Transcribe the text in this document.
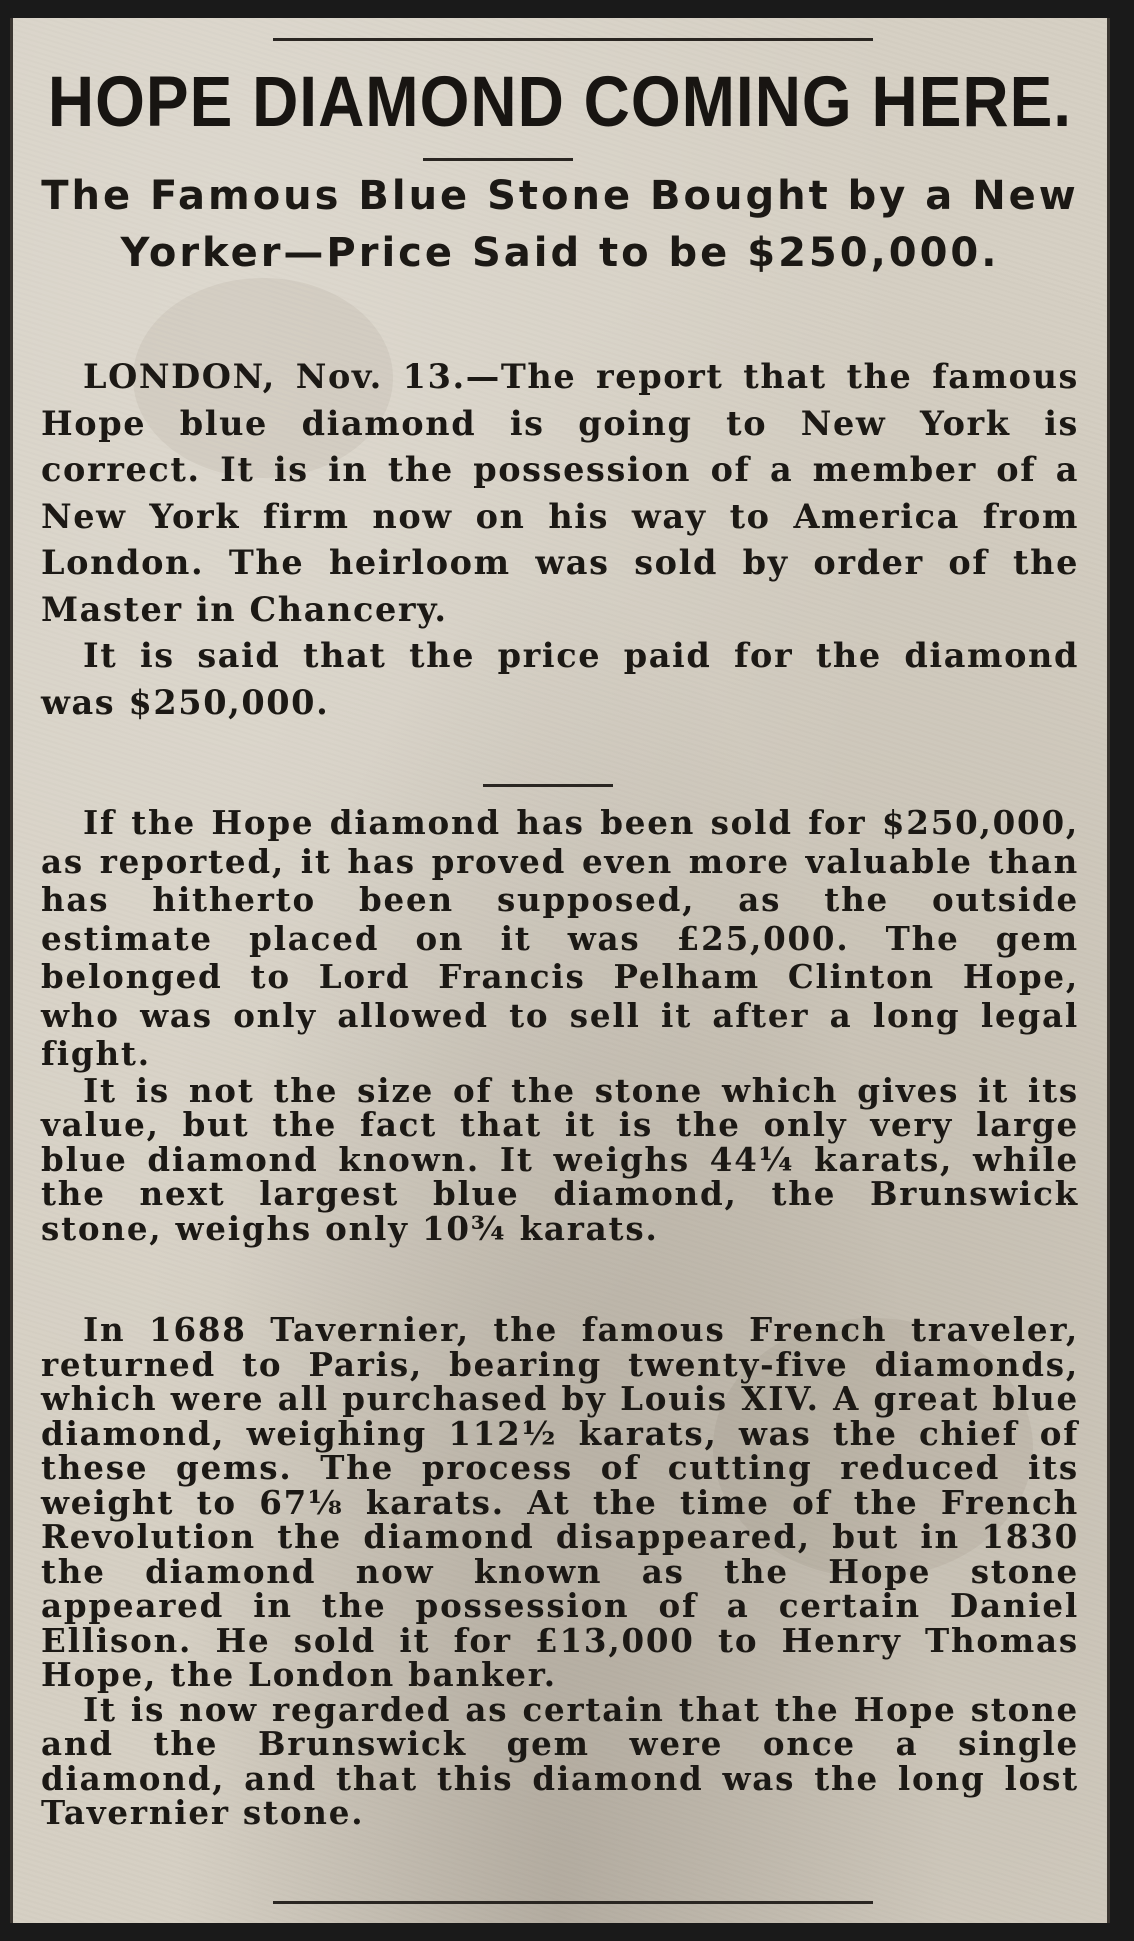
HOPE DIAMOND COMING HERE.
The Famous Blue Stone Bought by a New Yorker—Price Said to be $250,000.

LONDON, Nov. 13.—The report that the famous Hope blue diamond is going to New York is correct. It is in the possession of a member of a New York firm now on his way to America from London. The heirloom was sold by order of the Master in Chancery.

It is said that the price paid for the diamond was $250,000.

If the Hope diamond has been sold for $250,000, as reported, it has proved even more valuable than has hitherto been supposed, as the outside estimate placed on it was £25,000. The gem belonged to Lord Francis Pelham Clinton Hope, who was only allowed to sell it after a long legal fight.

It is not the size of the stone which gives it its value, but the fact that it is the only very large blue diamond known. It weighs 44¼ karats, while the next largest blue diamond, the Brunswick stone, weighs only 10¾ karats.

In 1688 Tavernier, the famous French traveler, returned to Paris, bearing twenty-five diamonds, which were all purchased by Louis XIV. A great blue diamond, weighing 112½ karats, was the chief of these gems. The process of cutting reduced its weight to 67⅛ karats. At the time of the French Revolution the diamond disappeared, but in 1830 the diamond now known as the Hope stone appeared in the possession of a certain Daniel Ellison. He sold it for £13,000 to Henry Thomas Hope, the London banker.

It is now regarded as certain that the Hope stone and the Brunswick gem were once a single diamond, and that this diamond was the long lost Tavernier stone.
